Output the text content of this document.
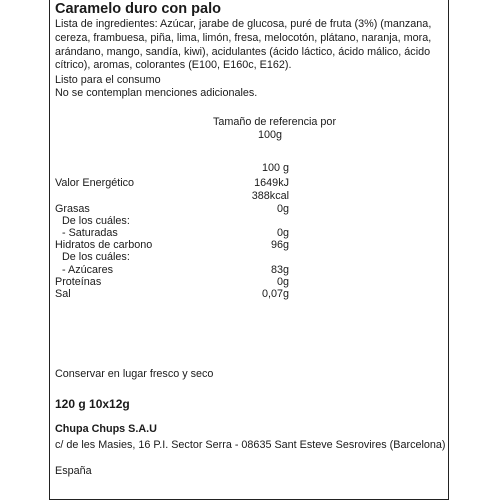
Caramelo duro con palo
Lista de ingredientes: Azúcar, jarabe de glucosa, puré de fruta (3%) (manzana,
cereza, frambuesa, piña, lima, limón, fresa, melocotón, plátano, naranja, mora,
arándano, mango, sandía, kiwi), acidulantes (ácido láctico, ácido málico, ácido
cítrico), aromas, colorantes (E100, E160c, E162).
Listo para el consumo
No se contemplan menciones adicionales.
Tamaño de referencia por
100g
100 g
Valor Energético	1649kJ
388kcal
Grasas	0g
De los cuáles:
- Saturadas	0g
Hidratos de carbono	96g
De los cuáles:
- Azúcares	83g
Proteínas	0g
Sal	0,07g
Conservar en lugar fresco y seco
120 g 10x12g
Chupa Chups S.A.U
c/ de les Masies, 16 P.I. Sector Serra - 08635 Sant Esteve Sesrovires (Barcelona)
España
